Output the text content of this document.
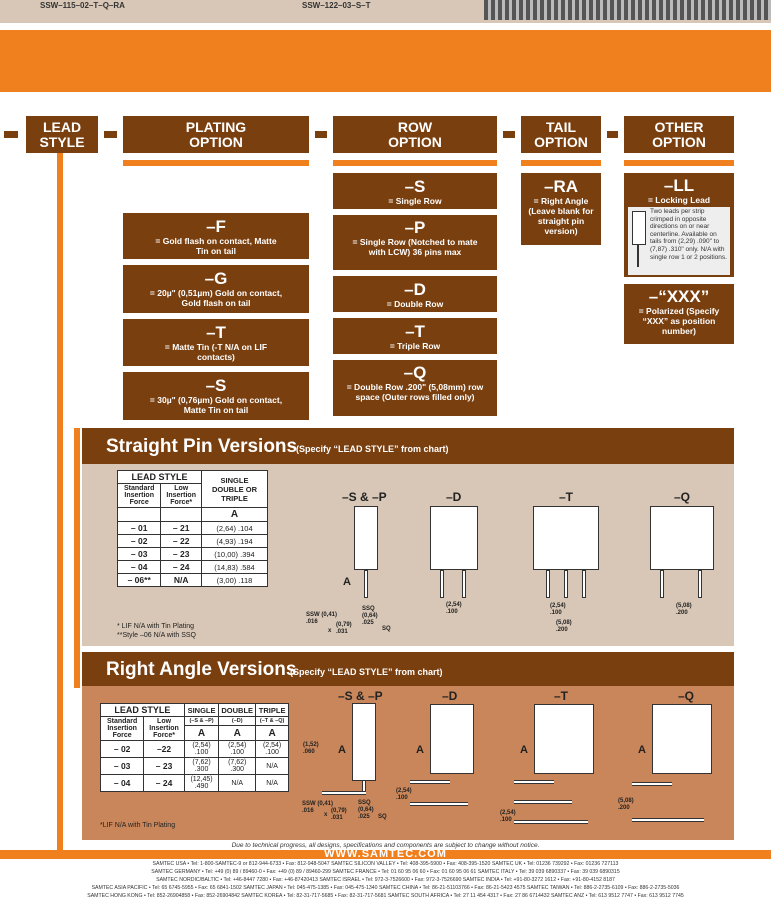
SSW–115–02–T–Q–RA	SSW–122–03–S–T
LEAD STYLE
PLATING OPTION
ROW OPTION
TAIL OPTION
OTHER OPTION
–F
= Gold flash on contact, Matte Tin on tail
–G
= 20µ" (0,51µm) Gold on contact, Gold flash on tail
–T
= Matte Tin (-T N/A on LIF contacts)
–S
= 30µ" (0,76µm) Gold on contact, Matte Tin on tail
–S
= Single Row
–P
= Single Row (Notched to mate with LCW) 36 pins max
–D
= Double Row
–T
= Triple Row
–Q
= Double Row .200" (5,08mm) row space (Outer rows filled only)
–RA
= Right Angle (Leave blank for straight pin version)
–LL
= Locking Lead
Two leads per strip crimped in opposite directions on or near centerline. Available on tails from (2,29) .090" to (7,87) .310" only. N/A with single row 1 or 2 positions.
–“XXX”
= Polarized (Specify “XXX” as position number)
Straight Pin Versions
(Specify “LEAD STYLE” from chart)
LEAD STYLE		SINGLE DOUBLE OR TRIPLE
Standard Insertion Force	Low Insertion Force*	
		A
– 01	– 21	(2,64) .104
– 02	– 22	(4,93) .194
– 03	– 23	(10,00) .394
– 04	– 24	(14,83) .584
– 06**	N/A	(3,00) .118
* LIF N/A with Tin Plating
**Style –06 N/A with SSQ
–S & –P	–D	–T	–Q
A
SSW (0,41) .016
x
(0,79) .031
SSQ (0,64) .025
SQ
(2,54) .100
(2,54) .100
(5,08) .200
(5,08) .200
Right Angle Versions
(Specify “LEAD STYLE” from chart)
LEAD STYLE		SINGLE	DOUBLE	TRIPLE
Standard Insertion Force	Low Insertion Force*	(–S & –P)	(–D)	(–T & –Q)
		A	A	A
– 02	–22	(2,54) .100	(2,54) .100	(2,54) .100
– 03	– 23	(7,62) .300	(7,62) .300	N/A
– 04	– 24	(12,45) .490	N/A	N/A
*LIF N/A with Tin Plating
–S & –P	–D	–T	–Q
(1,52) .060	A
SSW (0,41) .016
x
(0,79) .031
SSQ (0,64) .025	SQ
A
(2,54) .100
A
(2,54) .100
A
(5,08) .200
Due to technical progress, all designs, specifications and components are subject to change without notice.
WWW.SAMTEC.COM
SAMTEC USA • Tel: 1-800-SAMTEC-9 or 812-944-6733 • Fax: 812-948-5047 SAMTEC SILICON VALLEY • Tel: 408-395-5900 • Fax: 408-395-1520 SAMTEC UK • Tel: 01236 739292 • Fax: 01236 727113
SAMTEC GERMANY • Tel: +49 (0) 89 / 89460-0 • Fax: +49 (0) 89 / 89460-299 SAMTEC FRANCE • Tel: 01 60 95 06 60 • Fax: 01 60 95 06 61 SAMTEC ITALY • Tel: 39 039 6890337 • Fax: 39 039 6890315
SAMTEC NORDIC/BALTIC • Tel: +46-8447 7280 • Fax: +46-87420413 SAMTEC ISRAEL • Tel: 972-3-7526600 • Fax: 972-3-7526690 SAMTEC INDIA • Tel: +91-80-3272 1612 • Fax: +91-80-4152 8187
SAMTEC ASIA PACIFIC • Tel: 65 6745-5955 • Fax: 65 6841-1502 SAMTEC JAPAN • Tel: 045-475-1385 • Fax: 045-475-1340 SAMTEC CHINA • Tel: 86-21-51103766 • Fax: 86-21-5423 4575 SAMTEC TAIWAN • Tel: 886-2-2735-6109 • Fax: 886-2-2735-5036
SAMTEC HONG KONG • Tel: 852-26904858 • Fax: 852-26904842 SAMTEC KOREA • Tel: 82-31-717-5685 • Fax: 82-31-717-5681 SAMTEC SOUTH AFRICA • Tel: 27 11 454 4317 • Fax: 27 86 6714432 SAMTEC ANZ • Tel: 613 9512 7747 • Fax: 613 9512 7745
